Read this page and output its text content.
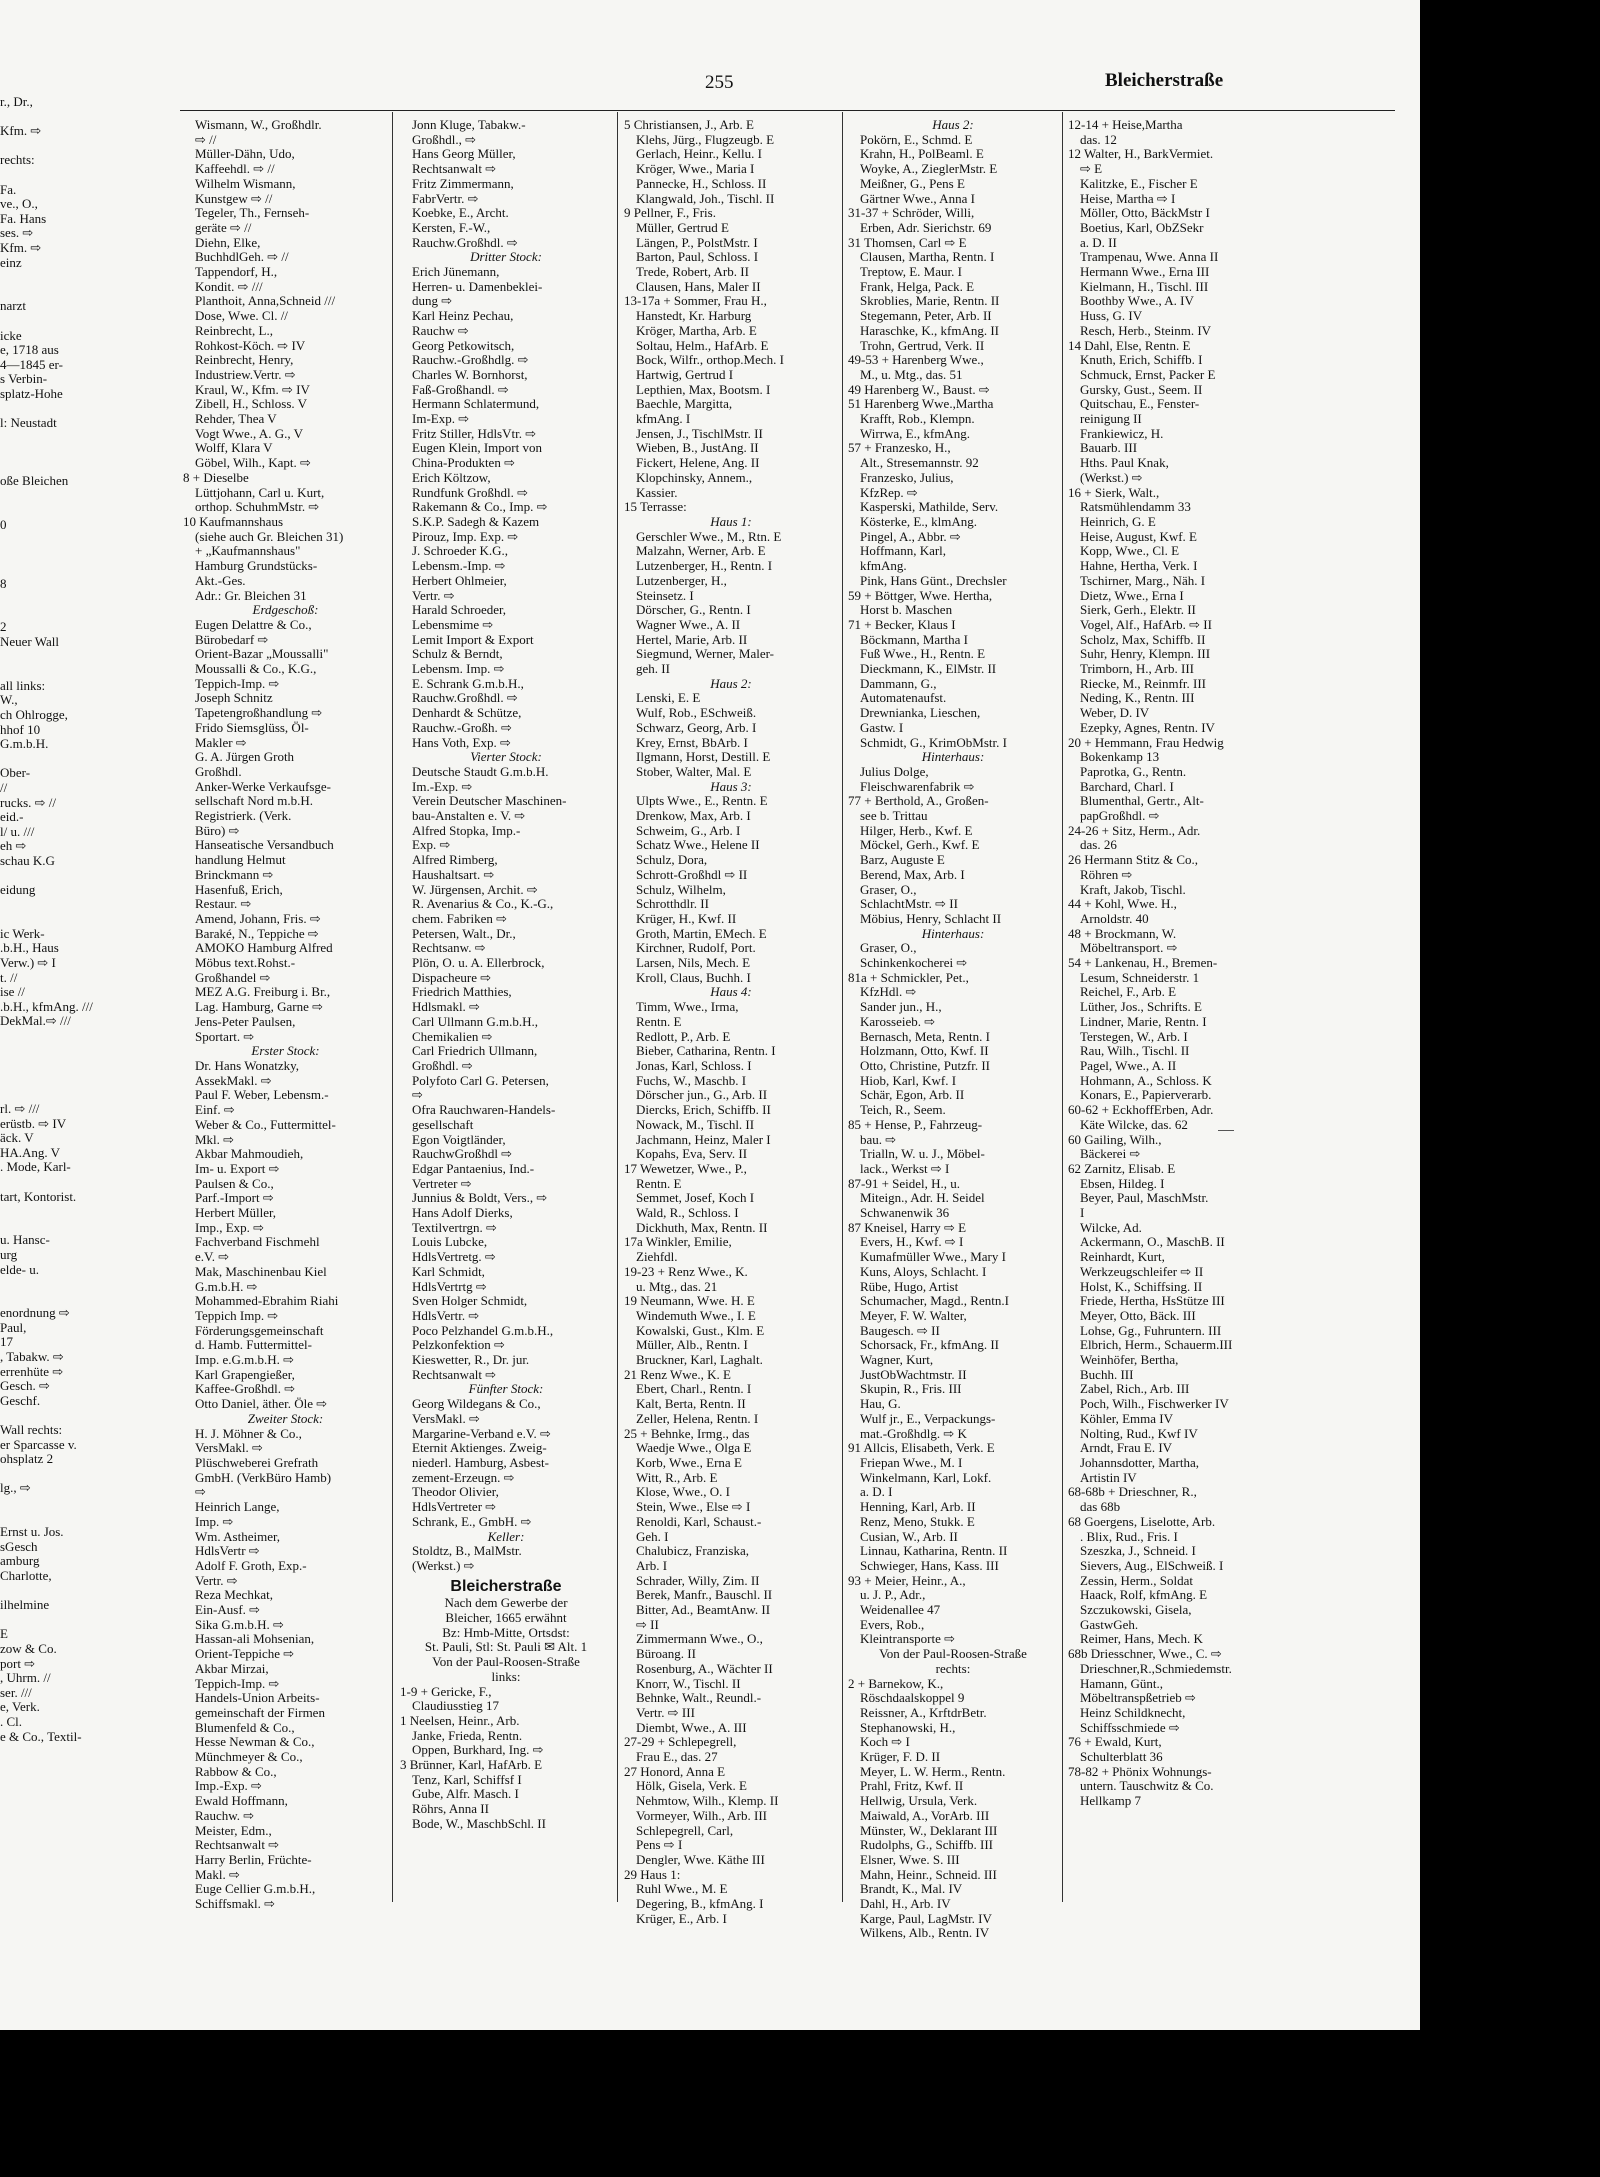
r., Dr.,

Kfm. ⇨

rechts:

Fa.
ve., O.,
Fa. Hans
ses. ⇨
Kfm. ⇨
einz

narzt

icke
e, 1718 aus
4—1845 er-
s Verbin-
splatz-Hohe

l: Neustadt

oße Bleichen

0

8

2
Neuer Wall

all links:
W.,
ch Ohlrogge,
hhof 10
G.m.b.H.

Ober-
//
rucks. ⇨ //
eid.-
l/ u. ///
eh ⇨
schau K.G

eidung

ic Werk-
.b.H., Haus
Verw.) ⇨ I
t. //
ise //
.b.H., kfmAng. ///
DekMal.⇨ ///

rl. ⇨ ///
erüstb. ⇨ IV
äck. V
HA.Ang. V
. Mode, Karl-

tart, Kontorist.

u. Hansc-
urg
elde- u.

enordnung ⇨
Paul,
17
, Tabakw. ⇨
errenhüte ⇨
Gesch. ⇨
Geschf.

Wall rechts:
er Sparcasse v.
ohsplatz 2

lg., ⇨

Ernst u. Jos.
sGesch
amburg
Charlotte,

ilhelmine

E
zow & Co.
port ⇨
, Uhrm. //
ser. ///
e, Verk.
. Cl.
e & Co., Textil-
255	Bleicherstraße
Wismann, W., Großhdlr.
⇨ //
Müller-Dähn, Udo,
Kaffeehdl. ⇨ //
Wilhelm Wismann,
Kunstgew ⇨ //
Tegeler, Th., Fernseh-
geräte ⇨ //
Diehn, Elke,
BuchhdlGeh. ⇨ //
Tappendorf, H.,
Kondit. ⇨ ///
Planthoit, Anna,Schneid ///
Dose, Wwe. Cl. //
Reinbrecht, L.,
Rohkost-Köch. ⇨ IV
Reinbrecht, Henry,
Industriew.Vertr. ⇨
Kraul, W., Kfm. ⇨ IV
Zibell, H., Schloss. V
Rehder, Thea V
Vogt Wwe., A. G., V
Wolff, Klara V
Göbel, Wilh., Kapt. ⇨
8 + Dieselbe
Lüttjohann, Carl u. Kurt,
orthop. SchuhmMstr. ⇨
10 Kaufmannshaus
(siehe auch Gr. Bleichen 31)
+ „Kaufmannshaus"
Hamburg Grundstücks-
Akt.-Ges.
Adr.: Gr. Bleichen 31
Erdgeschoß:
Eugen Delattre & Co.,
Bürobedarf ⇨
Orient-Bazar „Moussalli"
Moussalli & Co., K.G.,
Teppich-Imp. ⇨
Joseph Schnitz
Tapetengroßhandlung ⇨
Frido Siemsglüss, Öl-
Makler ⇨
G. A. Jürgen Groth
Großhdl.
Anker-Werke Verkaufsge-
sellschaft Nord m.b.H.
Registrierk. (Verk.
Büro) ⇨
Hanseatische Versandbuch
handlung Helmut
Brinckmann ⇨
Hasenfuß, Erich,
Restaur. ⇨
Amend, Johann, Fris. ⇨
Baraké, N., Teppiche ⇨
AMOKO Hamburg Alfred
Möbus text.Rohst.-
Großhandel ⇨
MEZ A.G. Freiburg i. Br.,
Lag. Hamburg, Garne ⇨
Jens-Peter Paulsen,
Sportart. ⇨
Erster Stock:
Dr. Hans Wonatzky,
AssekMakl. ⇨
Paul F. Weber, Lebensm.-
Einf. ⇨
Weber & Co., Futtermittel-
Mkl. ⇨
Akbar Mahmoudieh,
Im- u. Export ⇨
Paulsen & Co.,
Parf.-Import ⇨
Herbert Müller,
Imp., Exp. ⇨
Fachverband Fischmehl
e.V. ⇨
Mak, Maschinenbau Kiel
G.m.b.H. ⇨
Mohammed-Ebrahim Riahi
Teppich Imp. ⇨
Förderungsgemeinschaft
d. Hamb. Futtermittel-
Imp. e.G.m.b.H. ⇨
Karl Grapengießer,
Kaffee-Großhdl. ⇨
Otto Daniel, äther. Öle ⇨
Zweiter Stock:
H. J. Möhner & Co.,
VersMakl. ⇨
Plüschweberei Grefrath
GmbH. (VerkBüro Hamb)
⇨
Heinrich Lange,
Imp. ⇨
Wm. Astheimer,
HdlsVertr ⇨
Adolf F. Groth, Exp.-
Vertr. ⇨
Reza Mechkat,
Ein-Ausf. ⇨
Sika G.m.b.H. ⇨
Hassan-ali Mohsenian,
Orient-Teppiche ⇨
Akbar Mirzai,
Teppich-Imp. ⇨
Handels-Union Arbeits-
gemeinschaft der Firmen
Blumenfeld & Co.,
Hesse Newman & Co.,
Münchmeyer & Co.,
Rabbow & Co.,
Imp.-Exp. ⇨
Ewald Hoffmann,
Rauchw. ⇨
Meister, Edm.,
Rechtsanwalt ⇨
Harry Berlin, Früchte-
Makl. ⇨
Euge Cellier G.m.b.H.,
Schiffsmakl. ⇨
Jonn Kluge, Tabakw.-
Großhdl., ⇨
Hans Georg Müller,
Rechtsanwalt ⇨
Fritz Zimmermann,
FabrVertr. ⇨
Koebke, E., Archt.
Kersten, F.-W.,
Rauchw.Großhdl. ⇨
Dritter Stock:
Erich Jünemann,
Herren- u. Damenbeklei-
dung ⇨
Karl Heinz Pechau,
Rauchw ⇨
Georg Petkowitsch,
Rauchw.-Großhdlg. ⇨
Charles W. Bornhorst,
Faß-Großhandl. ⇨
Hermann Schlatermund,
Im-Exp. ⇨
Fritz Stiller, HdlsVtr. ⇨
Eugen Klein, Import von
China-Produkten ⇨
Erich Költzow,
Rundfunk Großhdl. ⇨
Rakemann & Co., Imp. ⇨
S.K.P. Sadegh & Kazem
Pirouz, Imp. Exp. ⇨
J. Schroeder K.G.,
Lebensm.-Imp. ⇨
Herbert Ohlmeier,
Vertr. ⇨
Harald Schroeder,
Lebensmime ⇨
Lemit Import & Export
Schulz & Berndt,
Lebensm. Imp. ⇨
E. Schrank G.m.b.H.,
Rauchw.Großhdl. ⇨
Denhardt & Schütze,
Rauchw.-Großh. ⇨
Hans Voth, Exp. ⇨
Vierter Stock:
Deutsche Staudt G.m.b.H.
Im.-Exp. ⇨
Verein Deutscher Maschinen-
bau-Anstalten e. V. ⇨
Alfred Stopka, Imp.-
Exp. ⇨
Alfred Rimberg,
Haushaltsart. ⇨
W. Jürgensen, Archit. ⇨
R. Avenarius & Co., K.-G.,
chem. Fabriken ⇨
Petersen, Walt., Dr.,
Rechtsanw. ⇨
Plön, O. u. A. Ellerbrock,
Dispacheure ⇨
Friedrich Matthies,
Hdlsmakl. ⇨
Carl Ullmann G.m.b.H.,
Chemikalien ⇨
Carl Friedrich Ullmann,
Großhdl. ⇨
Polyfoto Carl G. Petersen,
⇨
Ofra Rauchwaren-Handels-
gesellschaft
Egon Voigtländer,
RauchwGroßhdl ⇨
Edgar Pantaenius, Ind.-
Vertreter ⇨
Junnius & Boldt, Vers., ⇨
Hans Adolf Dierks,
Textilvertrgn. ⇨
Louis Lubcke,
HdlsVertretg. ⇨
Karl Schmidt,
HdlsVertrtg ⇨
Sven Holger Schmidt,
HdlsVertr. ⇨
Poco Pelzhandel G.m.b.H.,
Pelzkonfektion ⇨
Kieswetter, R., Dr. jur.
Rechtsanwalt ⇨
Fünfter Stock:
Georg Wildegans & Co.,
VersMakl. ⇨
Margarine-Verband e.V. ⇨
Eternit Aktienges. Zweig-
niederl. Hamburg, Asbest-
zement-Erzeugn. ⇨
Theodor Olivier,
HdlsVertreter ⇨
Schrank, E., GmbH. ⇨
Keller:
Stoldtz, B., MalMstr.
(Werkst.) ⇨
Bleicherstraße
Nach dem Gewerbe der
Bleicher, 1665 erwähnt
Bz: Hmb-Mitte, Ortsdst:
St. Pauli, Stl: St. Pauli ✉ Alt. 1
Von der Paul-Roosen-Straße
links:
1-9 + Gericke, F.,
Claudiusstieg 17
1 Neelsen, Heinr., Arb.
Janke, Frieda, Rentn.
Oppen, Burkhard, Ing. ⇨
3 Brünner, Karl, HafArb. E
Tenz, Karl, Schiffsf I
Gube, Alfr. Masch. I
Röhrs, Anna II
Bode, W., MaschbSchl. II
5 Christiansen, J., Arb. E
Klehs, Jürg., Flugzeugb. E
Gerlach, Heinr., Kellu. I
Kröger, Wwe., Maria I
Pannecke, H., Schloss. II
Klangwald, Joh., Tischl. II
9 Pellner, F., Fris.
Müller, Gertrud E
Längen, P., PolstMstr. I
Barton, Paul, Schloss. I
Trede, Robert, Arb. II
Clausen, Hans, Maler II
13-17a + Sommer, Frau H.,
Hanstedt, Kr. Harburg
Kröger, Martha, Arb. E
Soltau, Helm., HafArb. E
Bock, Wilfr., orthop.Mech. I
Hartwig, Gertrud I
Lepthien, Max, Bootsm. I
Baechle, Margitta,
kfmAng. I
Jensen, J., TischlMstr. II
Wieben, B., JustAng. II
Fickert, Helene, Ang. II
Klopchinsky, Annem.,
Kassier.
15 Terrasse:
Haus 1:
Gerschler Wwe., M., Rtn. E
Malzahn, Werner, Arb. E
Lutzenberger, H., Rentn. I
Lutzenberger, H.,
Steinsetz. I
Dörscher, G., Rentn. I
Wagner Wwe., A. II
Hertel, Marie, Arb. II
Siegmund, Werner, Maler-
geh. II
Haus 2:
Lenski, E. E
Wulf, Rob., ESchweiß.
Schwarz, Georg, Arb. I
Krey, Ernst, BbArb. I
Ilgmann, Horst, Destill. E
Stober, Walter, Mal. E
Haus 3:
Ulpts Wwe., E., Rentn. E
Drenkow, Max, Arb. I
Schweim, G., Arb. I
Schatz Wwe., Helene II
Schulz, Dora,
Schrott-Großhdl ⇨ II
Schulz, Wilhelm,
Schrotthdlr. II
Krüger, H., Kwf. II
Groth, Martin, EMech. E
Kirchner, Rudolf, Port.
Larsen, Nils, Mech. E
Kroll, Claus, Buchh. I
Haus 4:
Timm, Wwe., Irma,
Rentn. E
Redlott, P., Arb. E
Bieber, Catharina, Rentn. I
Jonas, Karl, Schloss. I
Fuchs, W., Maschb. I
Dörscher jun., G., Arb. II
Diercks, Erich, Schiffb. II
Nowack, M., Tischl. II
Jachmann, Heinz, Maler I
Kopahs, Eva, Serv. II
17 Wewetzer, Wwe., P.,
Rentn. E
Semmet, Josef, Koch I
Wald, R., Schloss. I
Dickhuth, Max, Rentn. II
17a Winkler, Emilie,
Ziehfdl.
19-23 + Renz Wwe., K.
u. Mtg., das. 21
19 Neumann, Wwe. H. E
Windemuth Wwe., I. E
Kowalski, Gust., Klm. E
Müller, Alb., Rentn. I
Bruckner, Karl, Laghalt.
21 Renz Wwe., K. E
Ebert, Charl., Rentn. I
Kalt, Berta, Rentn. II
Zeller, Helena, Rentn. I
25 + Behnke, Irmg., das
Waedje Wwe., Olga E
Korb, Wwe., Erna E
Witt, R., Arb. E
Klose, Wwe., O. I
Stein, Wwe., Else ⇨ I
Renoldi, Karl, Schaust.-
Geh. I
Chalubicz, Franziska,
Arb. I
Schrader, Willy, Zim. II
Berek, Manfr., Bauschl. II
Bitter, Ad., BeamtAnw. II
⇨ II
Zimmermann Wwe., O.,
Büroang. II
Rosenburg, A., Wächter II
Knorr, W., Tischl. II
Behnke, Walt., Reundl.-
Vertr. ⇨ III
Diembt, Wwe., A. III
27-29 + Schlepegrell,
Frau E., das. 27
27 Honord, Anna E
Hölk, Gisela, Verk. E
Nehmtow, Wilh., Klemp. II
Vormeyer, Wilh., Arb. III
Schlepegrell, Carl,
Pens ⇨ I
Dengler, Wwe. Käthe III
29 Haus 1:
Ruhl Wwe., M. E
Degering, B., kfmAng. I
Krüger, E., Arb. I
Haus 2:
Pokörn, E., Schmd. E
Krahn, H., PolBeaml. E
Woyke, A., ZieglerMstr. E
Meißner, G., Pens E
Gärtner Wwe., Anna I
31-37 + Schröder, Willi,
Erben, Adr. Sierichstr. 69
31 Thomsen, Carl ⇨ E
Clausen, Martha, Rentn. I
Treptow, E. Maur. I
Frank, Helga, Pack. E
Skroblies, Marie, Rentn. II
Stegemann, Peter, Arb. II
Haraschke, K., kfmAng. II
Trohn, Gertrud, Verk. II
49-53 + Harenberg Wwe.,
M., u. Mtg., das. 51
49 Harenberg W., Baust. ⇨
51 Harenberg Wwe.,Martha
Krafft, Rob., Klempn.
Wirrwa, E., kfmAng.
57 + Franzesko, H.,
Alt., Stresemannstr. 92
Franzesko, Julius,
KfzRep. ⇨
Kasperski, Mathilde, Serv.
Kösterke, E., klmAng.
Pingel, A., Abbr. ⇨
Hoffmann, Karl,
kfmAng.
Pink, Hans Günt., Drechsler
59 + Böttger, Wwe. Hertha,
Horst b. Maschen
71 + Becker, Klaus I
Böckmann, Martha I
Fuß Wwe., H., Rentn. E
Dieckmann, K., ElMstr. II
Dammann, G.,
Automatenaufst.
Drewnianka, Lieschen,
Gastw. I
Schmidt, G., KrimObMstr. I
Hinterhaus:
Julius Dolge,
Fleischwarenfabrik ⇨
77 + Berthold, A., Großen-
see b. Trittau
Hilger, Herb., Kwf. E
Möckel, Gerh., Kwf. E
Barz, Auguste E
Berend, Max, Arb. I
Graser, O.,
SchlachtMstr. ⇨ II
Möbius, Henry, Schlacht II
Hinterhaus:
Graser, O.,
Schinkenkocherei ⇨
81a + Schmickler, Pet.,
KfzHdl. ⇨
Sander jun., H.,
Karosseieb. ⇨
Bernasch, Meta, Rentn. I
Holzmann, Otto, Kwf. II
Otto, Christine, Putzfr. II
Hiob, Karl, Kwf. I
Schär, Egon, Arb. II
Teich, R., Seem.
85 + Hense, P., Fahrzeug-
bau. ⇨
Trialln, W. u. J., Möbel-
lack., Werkst ⇨ I
87-91 + Seidel, H., u.
Miteign., Adr. H. Seidel
Schwanenwik 36
87 Kneisel, Harry ⇨ E
Evers, H., Kwf. ⇨ I
Kumafmüller Wwe., Mary I
Kuns, Aloys, Schlacht. I
Rübe, Hugo, Artist
Schumacher, Magd., Rentn.I
Meyer, F. W. Walter,
Baugesch. ⇨ II
Schorsack, Fr., kfmAng. II
Wagner, Kurt,
JustObWachtmstr. II
Skupin, R., Fris. III
Hau, G.
Wulf jr., E., Verpackungs-
mat.-Großhdlg. ⇨ K
91 Allcis, Elisabeth, Verk. E
Friepan Wwe., M. I
Winkelmann, Karl, Lokf.
a. D. I
Henning, Karl, Arb. II
Renz, Meno, Stukk. E
Cusian, W., Arb. II
Linnau, Katharina, Rentn. II
Schwieger, Hans, Kass. III
93 + Meier, Heinr., A.,
u. J. P., Adr.,
Weidenallee 47
Evers, Rob.,
Kleintransporte ⇨
Von der Paul-Roosen-Straße
rechts:
2 + Barnekow, K.,
Röschdaalskoppel 9
Reissner, A., KrftdrBetr.
Stephanowski, H.,
Koch ⇨ I
Krüger, F. D. II
Meyer, L. W. Herm., Rentn.
Prahl, Fritz, Kwf. II
Hellwig, Ursula, Verk.
Maiwald, A., VorArb. III
Münster, W., Deklarant III
Rudolphs, G., Schiffb. III
Elsner, Wwe. S. III
Mahn, Heinr., Schneid. III
Brandt, K., Mal. IV
Dahl, H., Arb. IV
Karge, Paul, LagMstr. IV
Wilkens, Alb., Rentn. IV
12-14 + Heise,Martha
das. 12
12 Walter, H., BarkVermiet.
⇨ E
Kalitzke, E., Fischer E
Heise, Martha ⇨ I
Möller, Otto, BäckMstr I
Boetius, Karl, ObZSekr
a. D. II
Trampenau, Wwe. Anna II
Hermann Wwe., Erna III
Kielmann, H., Tischl. III
Boothby Wwe., A. IV
Huss, G. IV
Resch, Herb., Steinm. IV
14 Dahl, Else, Rentn. E
Knuth, Erich, Schiffb. I
Schmuck, Ernst, Packer E
Gursky, Gust., Seem. II
Quitschau, E., Fenster-
reinigung II
Frankiewicz, H.
Bauarb. III
Hths. Paul Knak,
(Werkst.) ⇨
16 + Sierk, Walt.,
Ratsmühlendamm 33
Heinrich, G. E
Heise, August, Kwf. E
Kopp, Wwe., Cl. E
Hahne, Hertha, Verk. I
Tschirner, Marg., Näh. I
Dietz, Wwe., Erna I
Sierk, Gerh., Elektr. II
Vogel, Alf., HafArb. ⇨ II
Scholz, Max, Schiffb. II
Suhr, Henry, Klempn. III
Trimborn, H., Arb. III
Riecke, M., Reinmfr. III
Neding, K., Rentn. III
Weber, D. IV
Ezepky, Agnes, Rentn. IV
20 + Hemmann, Frau Hedwig
Bokenkamp 13
Paprotka, G., Rentn.
Barchard, Charl. I
Blumenthal, Gertr., Alt-
papGroßhdl. ⇨
24-26 + Sitz, Herm., Adr.
das. 26
26 Hermann Stitz & Co.,
Röhren ⇨
Kraft, Jakob, Tischl.
44 + Kohl, Wwe. H.,
Arnoldstr. 40
48 + Brockmann, W.
Möbeltransport. ⇨
54 + Lankenau, H., Bremen-
Lesum, Schneiderstr. 1
Reichel, F., Arb. E
Lüther, Jos., Schrifts. E
Lindner, Marie, Rentn. I
Terstegen, W., Arb. I
Rau, Wilh., Tischl. II
Pagel, Wwe., A. II
Hohmann, A., Schloss. K
Konars, E., Papierverarb.
60-62 + EckhoffErben, Adr.
Käte Wilcke, das. 62
60 Gailing, Wilh.,
Bäckerei ⇨
62 Zarnitz, Elisab. E
Ebsen, Hildeg. I
Beyer, Paul, MaschMstr.
I
Wilcke, Ad.
Ackermann, O., MaschB. II
Reinhardt, Kurt,
Werkzeugschleifer ⇨ II
Holst, K., Schiffsing. II
Friede, Hertha, HsStütze III
Meyer, Otto, Bäck. III
Lohse, Gg., Fuhruntern. III
Elbrich, Herm., Schauerm.III
Weinhöfer, Bertha,
Buchh. III
Zabel, Rich., Arb. III
Poch, Wilh., Fischwerker IV
Köhler, Emma IV
Nolting, Rud., Kwf IV
Arndt, Frau E. IV
Johannsdotter, Martha,
Artistin IV
68-68b + Drieschner, R.,
das 68b
68 Goergens, Liselotte, Arb.
. Blix, Rud., Fris. I
Szeszka, J., Schneid. I
Sievers, Aug., ElSchweiß. I
Zessin, Herm., Soldat
Haack, Rolf, kfmAng. E
Szczukowski, Gisela,
GastwGeh.
Reimer, Hans, Mech. K
68b Driesschner, Wwe., C. ⇨
Drieschner,R.,Schmiedemstr.
Hamann, Günt.,
Möbeltranspßetrieb ⇨
Heinz Schildknecht,
Schiffsschmiede ⇨
76 + Ewald, Kurt,
Schulterblatt 36
78-82 + Phönix Wohnungs-
untern. Tauschwitz & Co.
Hellkamp 7
